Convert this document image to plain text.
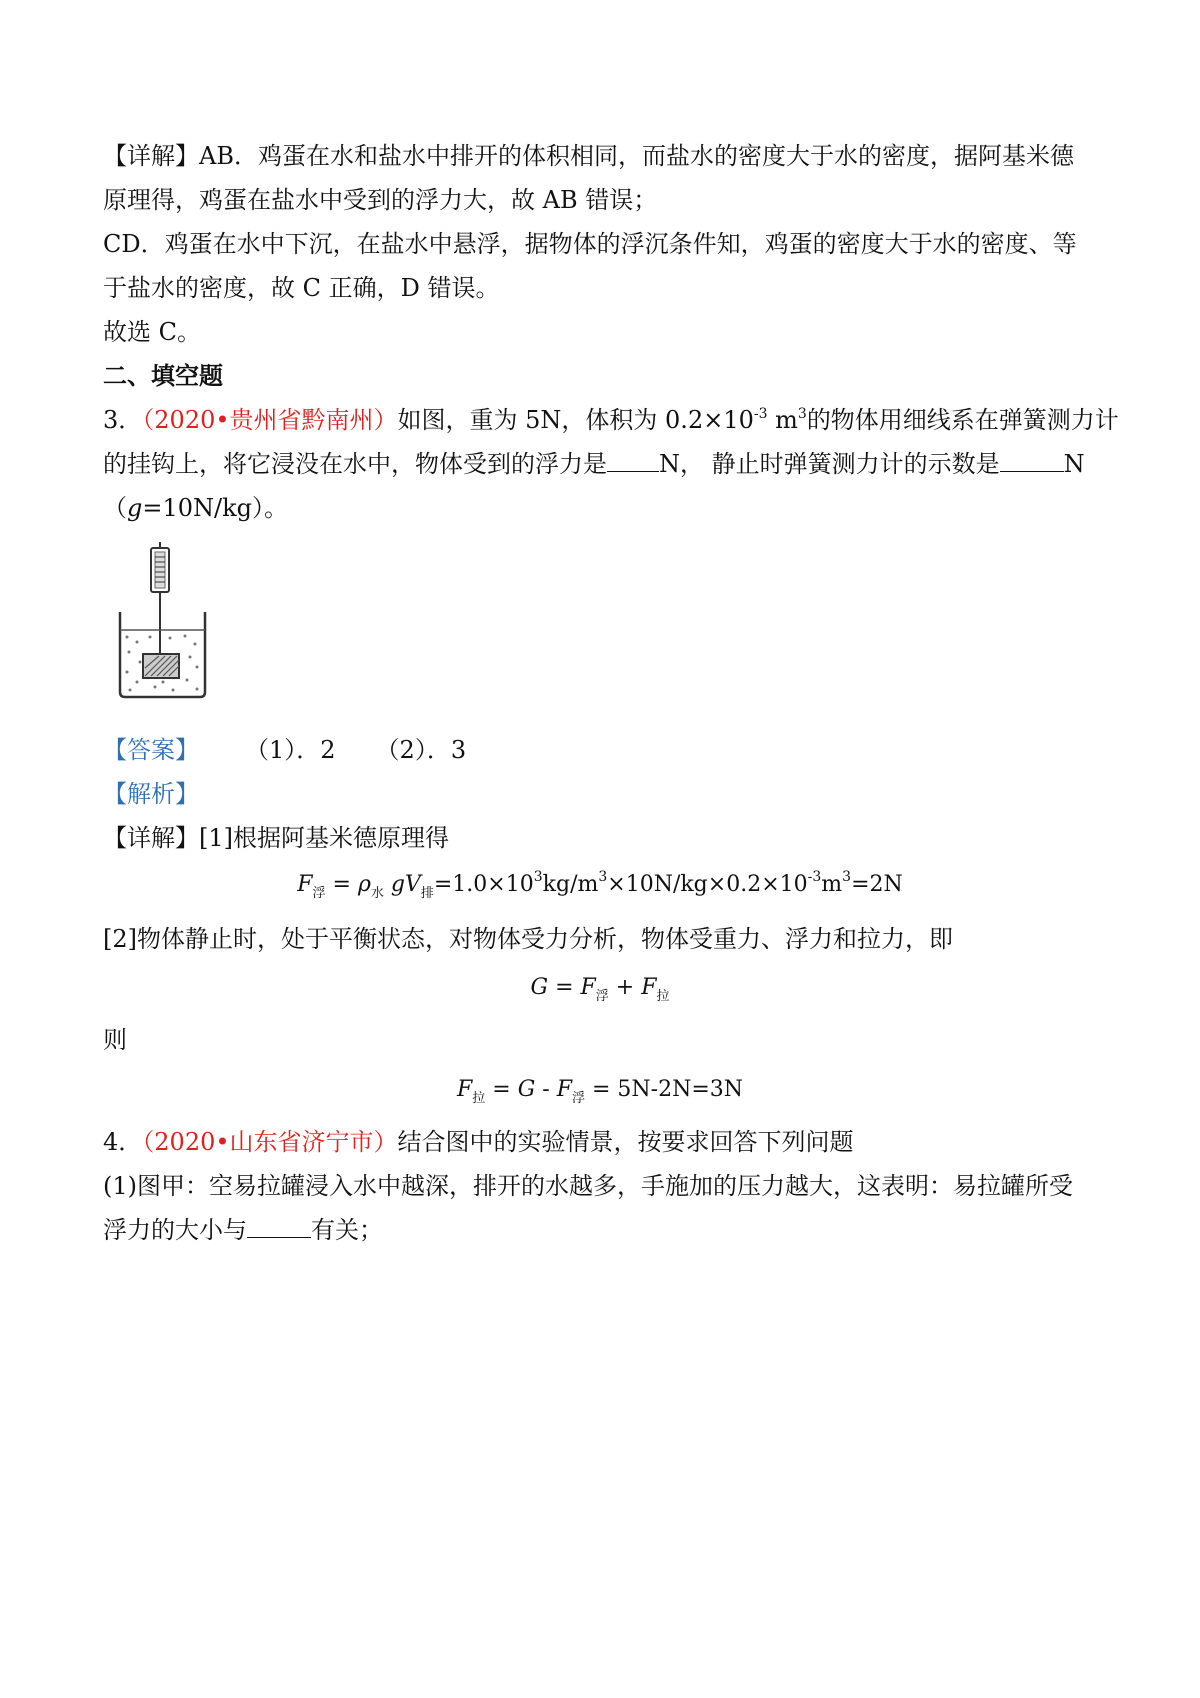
【详解】AB．鸡蛋在水和盐水中排开的体积相同，而盐水的密度大于水的密度，据阿基米德
原理得，鸡蛋在盐水中受到的浮力大，故 AB 错误；
CD．鸡蛋在水中下沉，在盐水中悬浮，据物体的浮沉条件知，鸡蛋的密度大于水的密度、等
于盐水的密度，故 C 正确，D 错误。
故选 C。
二、填空题
3．（2020•贵州省黔南州）如图，重为 5N，体积为 $0.2\times 10^{-3}$ $m^3$的物体用细线系在弹簧测力计
的挂钩上，将它浸没在水中，物体受到的浮力是 N， 静止时弹簧测力计的示数是	N
（g=10N/kg）。
【答案】 （1）．2 （2）．3
【解析】
【详解】[1]根据阿基米德原理得
$F_浮 = \rho_水$ $gV_排=1.0\times 10^3kg/m^3\times 10N/kg\times 0.2\times 10^{-3}m^3=2N$
[2]物体静止时，处于平衡状态，对物体受力分析，物体受重力、浮力和拉力，即
$G = F_浮 + F_拉$
则
$F_拉 = G - F_浮 = 5N-2N=3N$
4．（2020•山东省济宁市）结合图中的实验情景，按要求回答下列问题
(1)图甲：空易拉罐浸入水中越深，排开的水越多，手施加的压力越大，这表明：易拉罐所受
浮力的大小与	有关；
